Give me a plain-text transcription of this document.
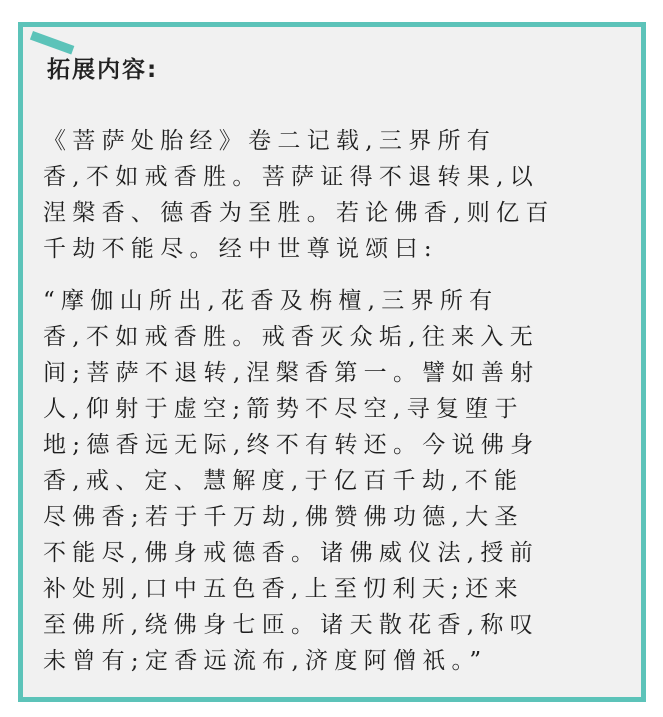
拓展内容:
《菩萨处胎经》卷二记载,三界所有
香,不如戒香胜。菩萨证得不退转果,以
涅槃香、德香为至胜。若论佛香,则亿百
千劫不能尽。经中世尊说颂曰:
“摩伽山所出,花香及栴檀,三界所有
香,不如戒香胜。戒香灭众垢,往来入无
间;菩萨不退转,涅槃香第一。譬如善射
人,仰射于虚空;箭势不尽空,寻复堕于
地;德香远无际,终不有转还。今说佛身
香,戒、定、慧解度,于亿百千劫,不能
尽佛香;若于千万劫,佛赞佛功德,大圣
不能尽,佛身戒德香。诸佛威仪法,授前
补处别,口中五色香,上至忉利天;还来
至佛所,绕佛身七匝。诸天散花香,称叹
未曾有;定香远流布,济度阿僧祇。”
